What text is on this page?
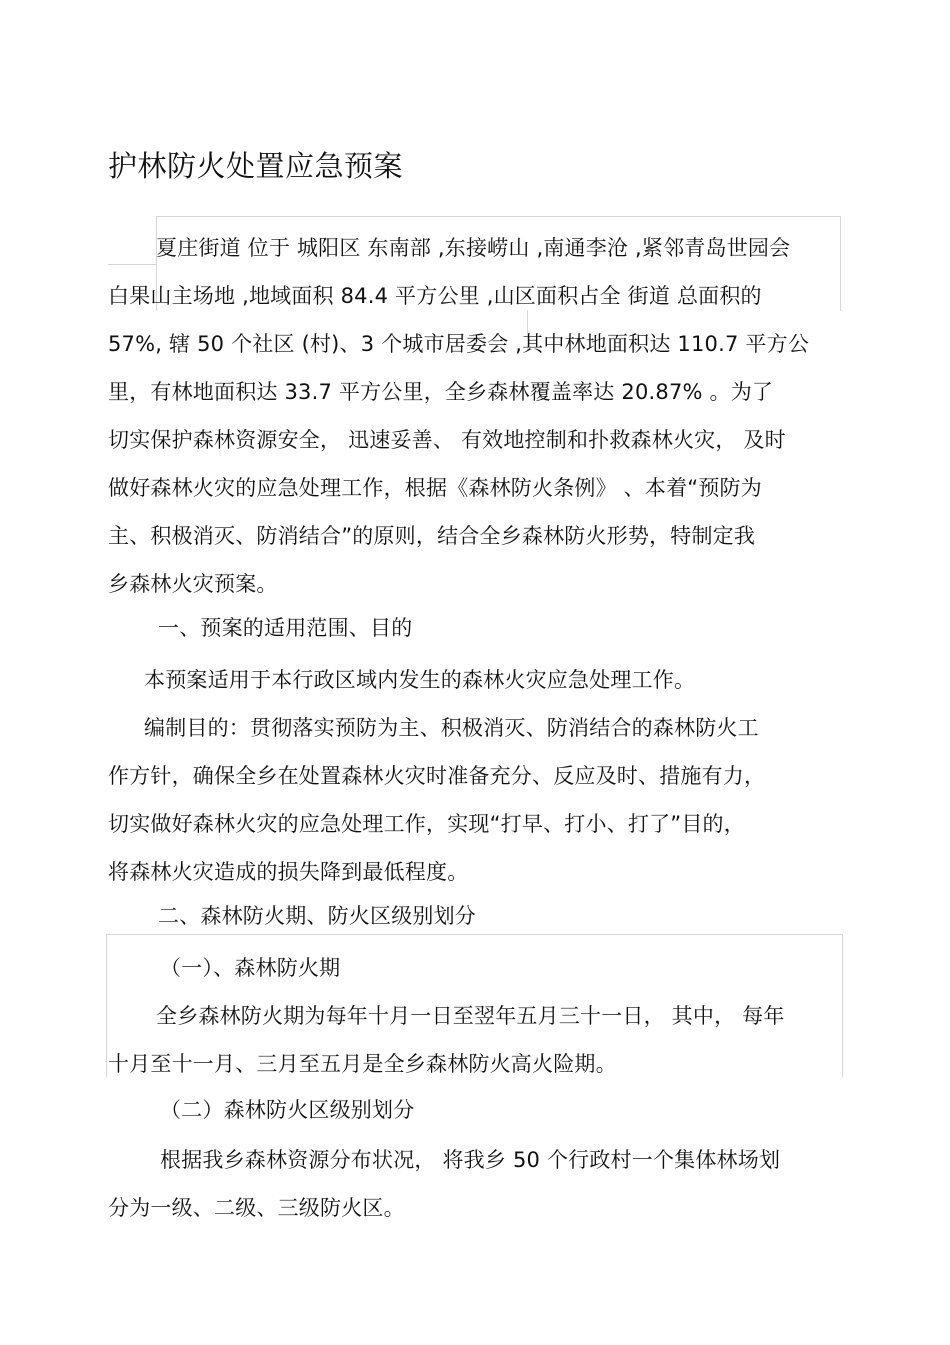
护林防火处置应急预案
夏庄街道 位于 城阳区 东南部 ,东接崂山 ,南通李沧 ,紧邻青岛世园会
白果山主场地 ,地域面积 84.4 平方公里 ,山区面积占全 街道 总面积的
57%, 辖 50 个社区 (村)、3 个城市居委会 ,其中林地面积达 110.7 平方公
里，有林地面积达 33.7 平方公里，全乡森林覆盖率达 20.87% 。为了
切实保护森林资源安全， 迅速妥善、 有效地控制和扑救森林火灾， 及时
做好森林火灾的应急处理工作，根据《森林防火条例》 、本着“预防为
主、积极消灭、防消结合”的原则，结合全乡森林防火形势，特制定我
乡森林火灾预案。
一、预案的适用范围、目的
本预案适用于本行政区域内发生的森林火灾应急处理工作。
编制目的：贯彻落实预防为主、积极消灭、防消结合的森林防火工
作方针，确保全乡在处置森林火灾时准备充分、反应及时、措施有力，
切实做好森林火灾的应急处理工作，实现“打早、打小、打了”目的，
将森林火灾造成的损失降到最低程度。
二、森林防火期、防火区级别划分
（一）、森林防火期
全乡森林防火期为每年十月一日至翌年五月三十一日， 其中， 每年
十月至十一月、三月至五月是全乡森林防火高火险期。
（二）森林防火区级别划分
根据我乡森林资源分布状况， 将我乡 50 个行政村一个集体林场划
分为一级、二级、三级防火区。
